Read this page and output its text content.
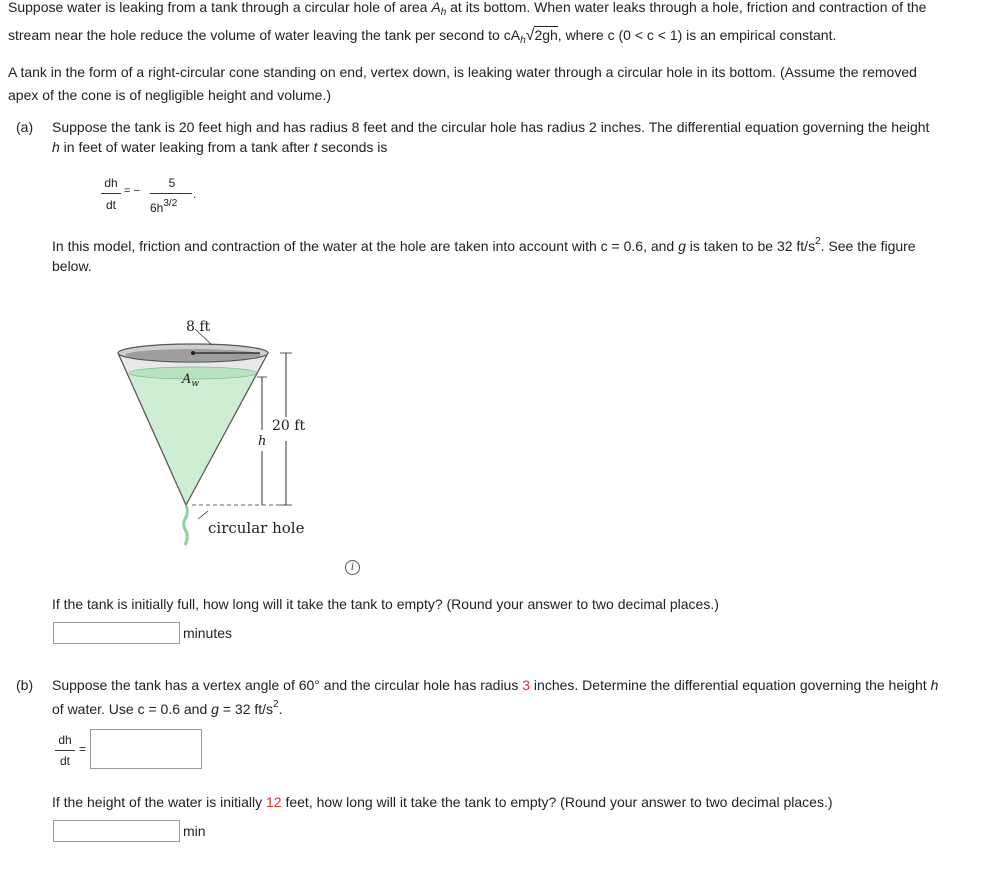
Suppose water is leaking from a tank through a circular hole of area $A_h$ at its bottom. When water leaks through a hole, friction and contraction of the
stream near the hole reduce the volume of water leaving the tank per second to $cA_h√2gh$, where c (0 < c < 1) is an empirical constant.

A tank in the form of a right-circular cone standing on end, vertex down, is leaking water through a circular hole in its bottom. (Assume the removed
apex of the cone is of negligible height and volume.)

(a) Suppose the tank is 20 feet high and has radius 8 feet and the circular hole has radius 2 inches. The differential equation governing the height
h in feet of water leaking from a tank after t seconds is

dh
dt
= −
5
$6h^{3/2}$
.

In this model, friction and contraction of the water at the hole are taken into account with c = 0.6, and g is taken to be 32 $ft/s^2$. See the figure
below.

8 ft
$A_w$
20 ft
h
circular hole
i

If the tank is initially full, how long will it take the tank to empty? (Round your answer to two decimal places.)

minutes
(b) Suppose the tank has a vertex angle of 60° and the circular hole has radius 3 inches. Determine the differential equation governing the height h
of water. Use c = 0.6 and g = 32 $ft/s^2$.

dh
dt
=

If the height of the water is initially 12 feet, how long will it take the tank to empty? (Round your answer to two decimal places.)

min
